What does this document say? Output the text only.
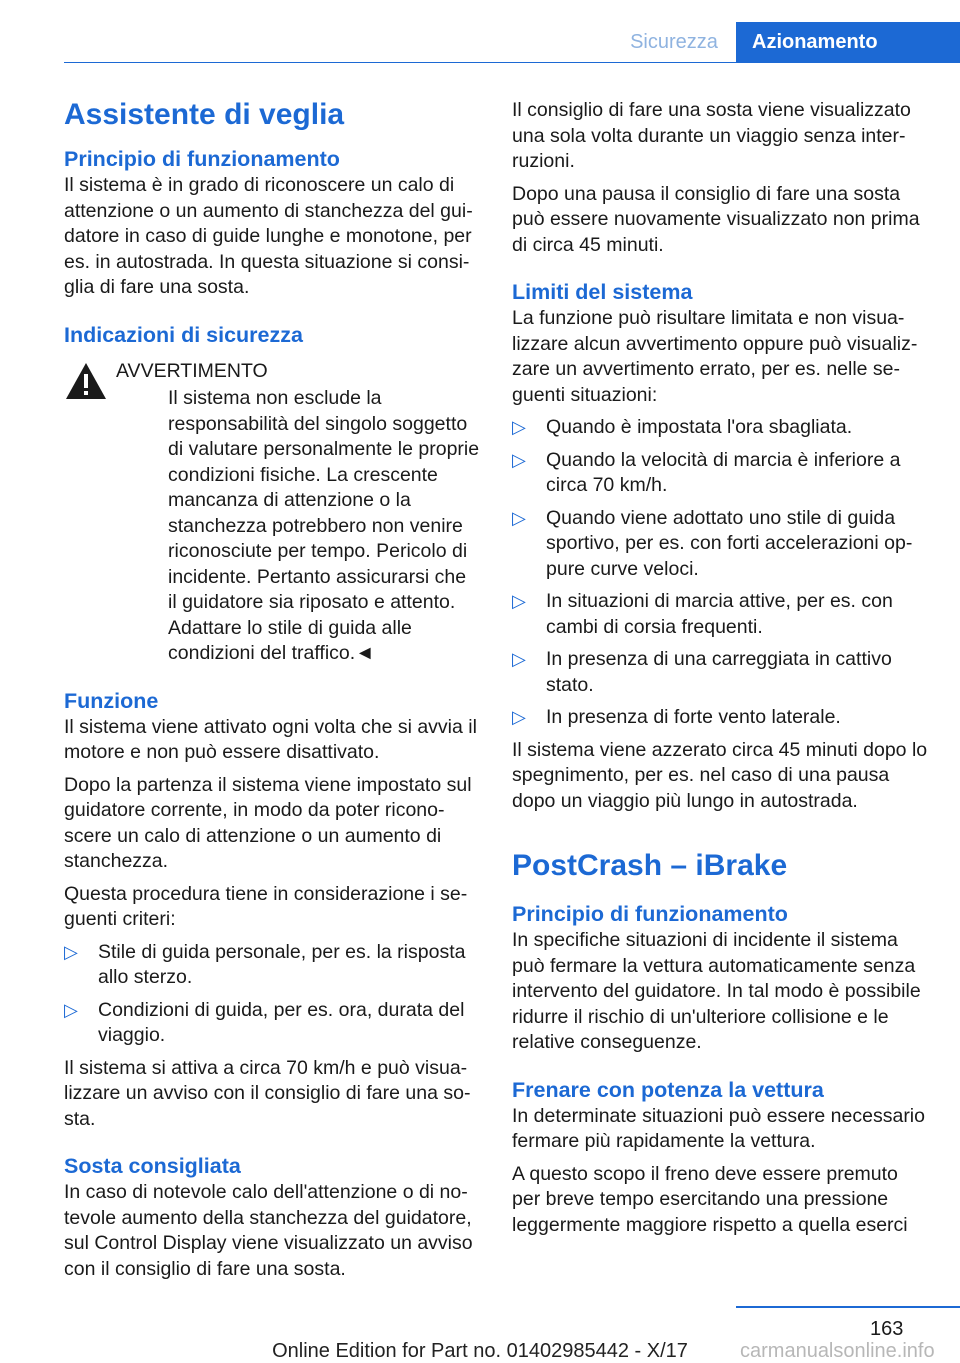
Sicurezza	Azionamento
Assistente di veglia
Principio di funzionamento

Il sistema è in grado di riconoscere un calo di attenzione o un aumento di stanchezza del guidatore in caso di guide lunghe e monotone, per es. in autostrada. In questa situazione si consiglia di fare una sosta.

Indicazioni di sicurezza
AVVERTIMENTO

Il sistema non esclude la responsabilità del singolo soggetto di valutare personalmente le proprie condizioni fisiche. La crescente mancanza di attenzione o la stanchezza potrebbero non venire riconosciute per tempo. Pericolo di incidente. Pertanto assicurarsi che il guidatore sia riposato e attento. Adattare lo stile di guida alle condizioni del traffico.◄

Funzione

Il sistema viene attivato ogni volta che si avvia il motore e non può essere disattivato.

Dopo la partenza il sistema viene impostato sul guidatore corrente, in modo da poter riconoscere un calo di attenzione o un aumento di stanchezza.

Questa procedura tiene in considerazione i seguenti criteri:

▷ Stile di guida personale, per es. la risposta allo sterzo.
▷ Condizioni di guida, per es. ora, durata del viaggio.

Il sistema si attiva a circa 70 km/h e può visualizzare un avviso con il consiglio di fare una sosta.

Sosta consigliata

In caso di notevole calo dell'attenzione o di notevole aumento della stanchezza del guidatore, sul Control Display viene visualizzato un avviso con il consiglio di fare una sosta.

Il consiglio di fare una sosta viene visualizzato una sola volta durante un viaggio senza interruzioni.

Dopo una pausa il consiglio di fare una sosta può essere nuovamente visualizzato non prima di circa 45 minuti.

Limiti del sistema

La funzione può risultare limitata e non visualizzare alcun avvertimento oppure può visualizzare un avvertimento errato, per es. nelle seguenti situazioni:

▷ Quando è impostata l'ora sbagliata.
▷ Quando la velocità di marcia è inferiore a circa 70 km/h.
▷ Quando viene adottato uno stile di guida sportivo, per es. con forti accelerazioni oppure curve veloci.
▷ In situazioni di marcia attive, per es. con cambi di corsia frequenti.
▷ In presenza di una carreggiata in cattivo stato.
▷ In presenza di forte vento laterale.

Il sistema viene azzerato circa 45 minuti dopo lo spegnimento, per es. nel caso di una pausa dopo un viaggio più lungo in autostrada.

PostCrash – iBrake
Principio di funzionamento

In specifiche situazioni di incidente il sistema può fermare la vettura automaticamente senza intervento del guidatore. In tal modo è possibile ridurre il rischio di un'ulteriore collisione e le relative conseguenze.

Frenare con potenza la vettura

In determinate situazioni può essere necessario fermare più rapidamente la vettura.

A questo scopo il freno deve essere premuto per breve tempo esercitando una pressione leggermente maggiore rispetto a quella eserci

163
Online Edition for Part no. 01402985442 - X/17	carmanualsonline.info
